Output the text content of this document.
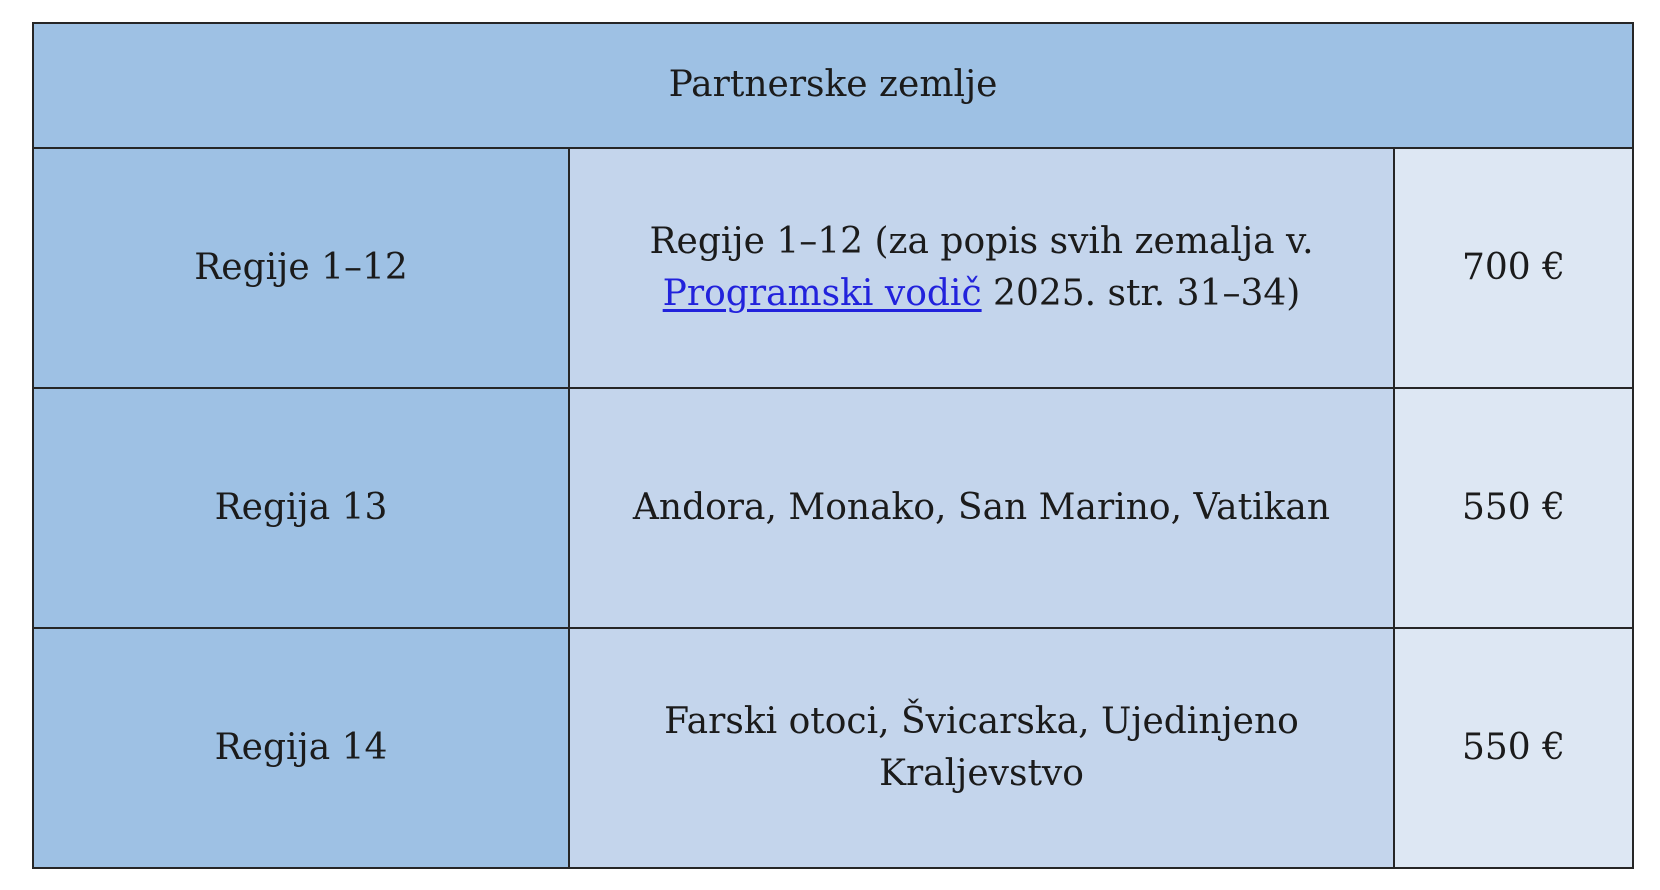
Partnerske zemlje		
Regije 1–12	Regije 1–12 (za popis svih zemalja v. Programski vodič 2025. str. 31–34)	700 €
Regija 13	Andora, Monako, San Marino, Vatikan	550 €
Regija 14	Farski otoci, Švicarska, Ujedinjeno Kraljevstvo	550 €
